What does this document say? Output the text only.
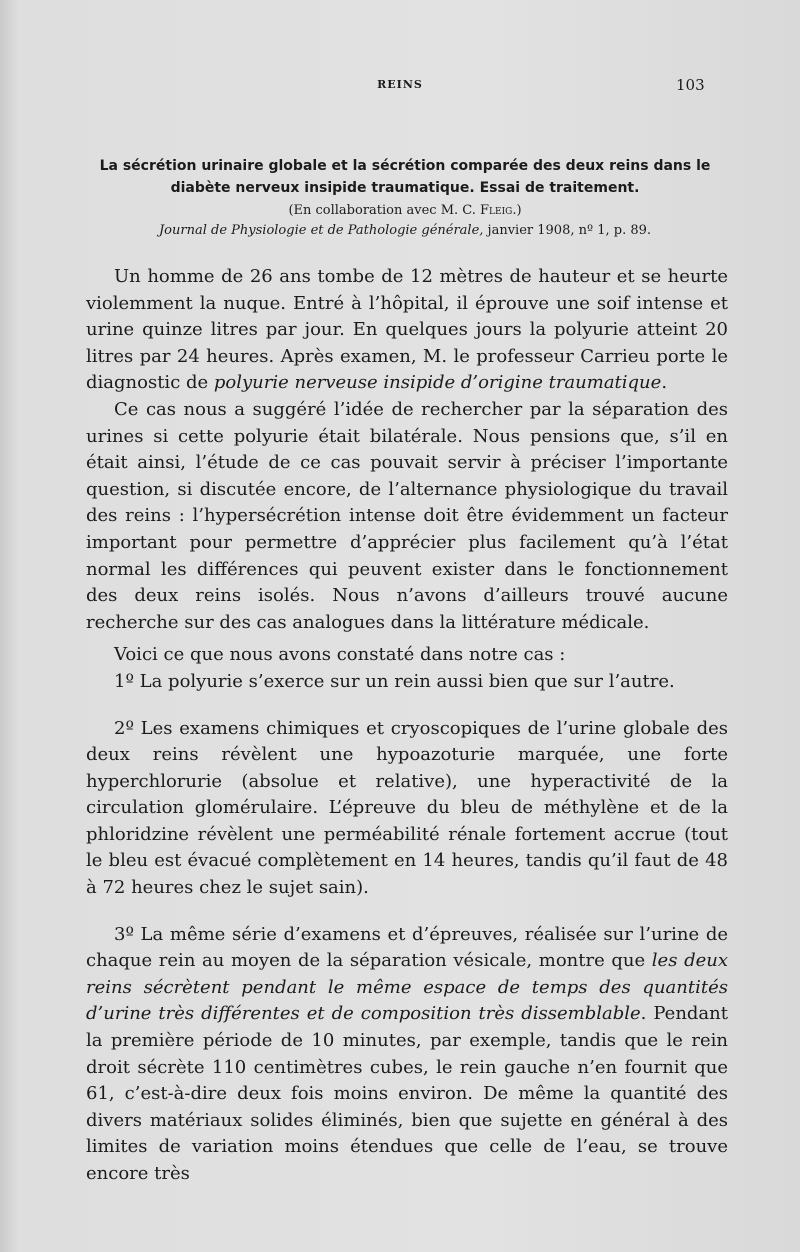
REINS	103

La sécrétion urinaire globale et la sécrétion comparée des deux reins dans le diabète nerveux insipide traumatique. Essai de traitement.

(En collaboration avec M. C. Fleig.)

Journal de Physiologie et de Pathologie générale, janvier 1908, nº 1, p. 89.

Un homme de 26 ans tombe de 12 mètres de hauteur et se heurte violemment la nuque. Entré à l’hôpital, il éprouve une soif intense et urine quinze litres par jour. En quelques jours la polyurie atteint 20 litres par 24 heures. Après examen, M. le professeur Carrieu porte le diagnostic de polyurie nerveuse insipide d’origine traumatique.

Ce cas nous a suggéré l’idée de rechercher par la séparation des urines si cette polyurie était bilatérale. Nous pensions que, s’il en était ainsi, l’étude de ce cas pouvait servir à préciser l’importante question, si discutée encore, de l’alternance physiologique du travail des reins : l’hypersécrétion intense doit être évidemment un facteur important pour permettre d’apprécier plus facilement qu’à l’état normal les différences qui peuvent exister dans le fonctionnement des deux reins isolés. Nous n’avons d’ailleurs trouvé aucune recherche sur des cas analogues dans la littérature médicale.

Voici ce que nous avons constaté dans notre cas :

1º La polyurie s’exerce sur un rein aussi bien que sur l’autre.

2º Les examens chimiques et cryoscopiques de l’urine globale des deux reins révèlent une hypoazoturie marquée, une forte hyperchlorurie (absolue et relative), une hyperactivité de la circulation glomérulaire. L’épreuve du bleu de méthylène et de la phloridzine révèlent une perméabilité rénale fortement accrue (tout le bleu est évacué complètement en 14 heures, tandis qu’il faut de 48 à 72 heures chez le sujet sain).

3º La même série d’examens et d’épreuves, réalisée sur l’urine de chaque rein au moyen de la séparation vésicale, montre que les deux reins sécrètent pendant le même espace de temps des quantités d’urine très différentes et de composition très dissemblable. Pendant la première période de 10 minutes, par exemple, tandis que le rein droit sécrète 110 centimètres cubes, le rein gauche n’en fournit que 61, c’est-à-dire deux fois moins environ. De même la quantité des divers matériaux solides éliminés, bien que sujette en général à des limites de variation moins étendues que celle de l’eau, se trouve encore très
